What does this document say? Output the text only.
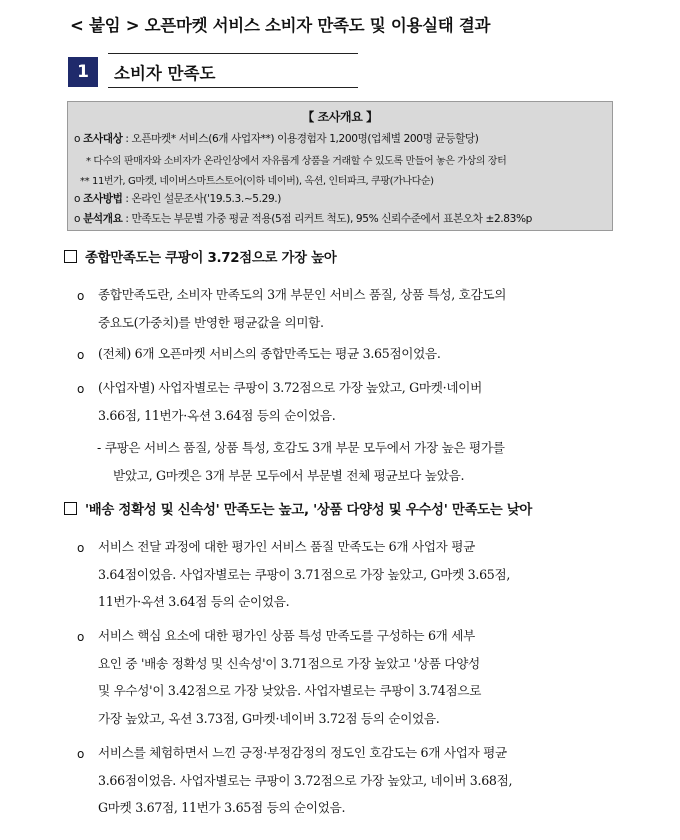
< 붙임 > 오픈마켓 서비스 소비자 만족도 및 이용실태 결과
1	소비자 만족도
【 조사개요 】
o 조사대상 : 오픈마켓* 서비스(6개 사업자**) 이용경험자 1,200명(업체별 200명 균등할당)
* 다수의 판매자와 소비자가 온라인상에서 자유롭게 상품을 거래할 수 있도록 만들어 놓은 가상의 장터
** 11번가, G마켓, 네이버스마트스토어(이하 네이버), 옥션, 인터파크, 쿠팡(가나다순)
o 조사방법 : 온라인 설문조사('19.5.3.~5.29.)
o 분석개요 : 만족도는 부문별 가중 평균 적용(5점 리커트 척도), 95% 신뢰수준에서 표본오차 ±2.83%p
종합만족도는 쿠팡이 3.72점으로 가장 높아
o 종합만족도란, 소비자 만족도의 3개 부문인 서비스 품질, 상품 특성, 호감도의
중요도(가중치)를 반영한 평균값을 의미함.
o (전체) 6개 오픈마켓 서비스의 종합만족도는 평균 3.65점이었음.
o (사업자별) 사업자별로는 쿠팡이 3.72점으로 가장 높았고, G마켓·네이버
3.66점, 11번가·옥션 3.64점 등의 순이었음.
- 쿠팡은 서비스 품질, 상품 특성, 호감도 3개 부문 모두에서 가장 높은 평가를
받았고, G마켓은 3개 부문 모두에서 부문별 전체 평균보다 높았음.
'배송 정확성 및 신속성' 만족도는 높고, '상품 다양성 및 우수성' 만족도는 낮아
o 서비스 전달 과정에 대한 평가인 서비스 품질 만족도는 6개 사업자 평균
3.64점이었음. 사업자별로는 쿠팡이 3.71점으로 가장 높았고, G마켓 3.65점,
11번가·옥션 3.64점 등의 순이었음.
o 서비스 핵심 요소에 대한 평가인 상품 특성 만족도를 구성하는 6개 세부
요인 중 '배송 정확성 및 신속성'이 3.71점으로 가장 높았고 '상품 다양성
및 우수성'이 3.42점으로 가장 낮았음. 사업자별로는 쿠팡이 3.74점으로
가장 높았고, 옥션 3.73점, G마켓·네이버 3.72점 등의 순이었음.
o 서비스를 체험하면서 느낀 긍정·부정감정의 정도인 호감도는 6개 사업자 평균
3.66점이었음. 사업자별로는 쿠팡이 3.72점으로 가장 높았고, 네이버 3.68점,
G마켓 3.67점, 11번가 3.65점 등의 순이었음.
